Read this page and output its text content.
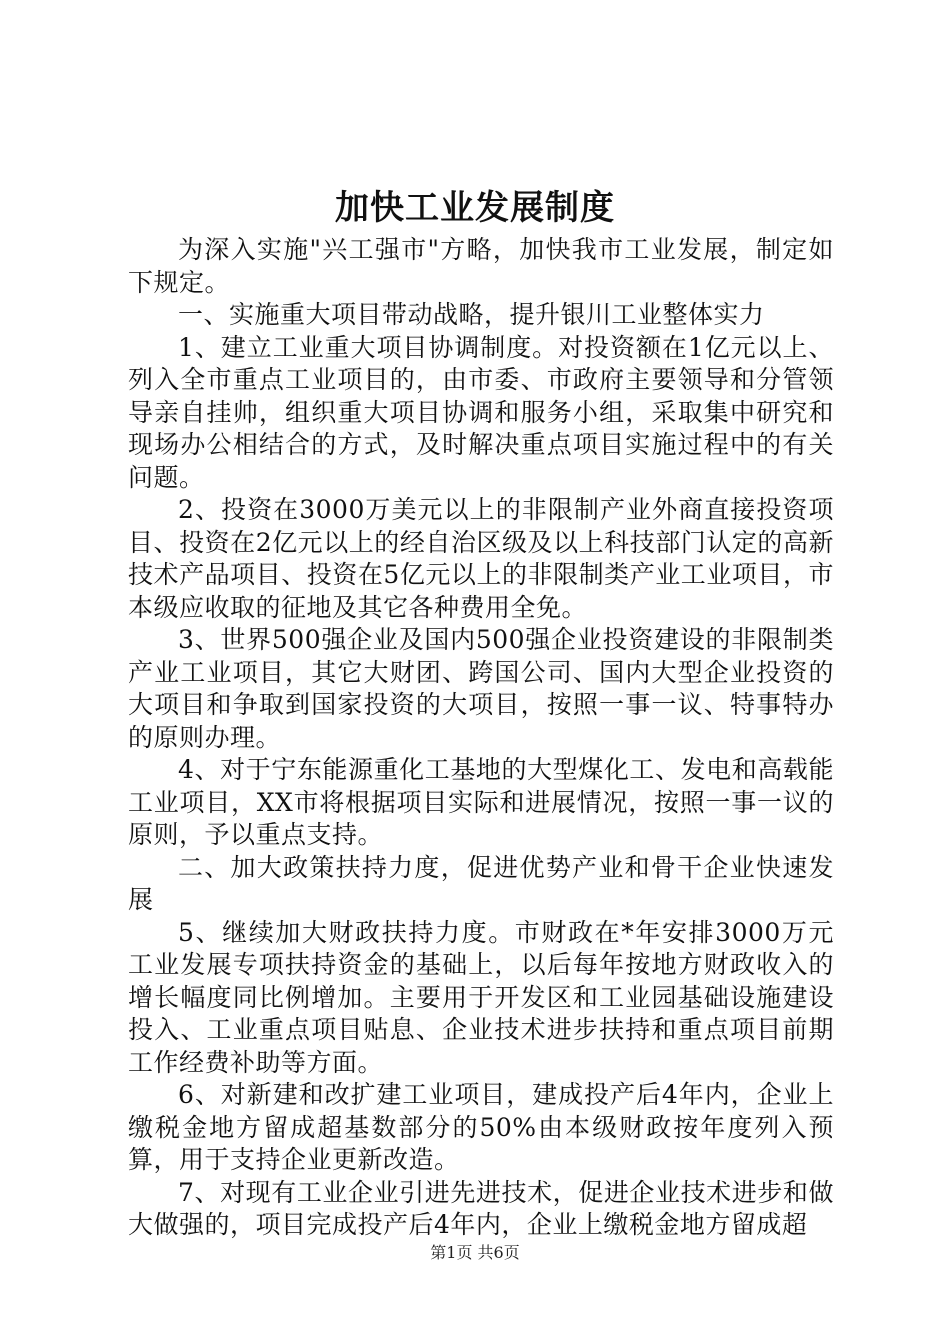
加快工业发展制度

为深入实施"兴工强市"方略，加快我市工业发展，制定如下规定。

一、实施重大项目带动战略，提升银川工业整体实力

1、建立工业重大项目协调制度。对投资额在1亿元以上、列入全市重点工业项目的，由市委、市政府主要领导和分管领导亲自挂帅，组织重大项目协调和服务小组，采取集中研究和现场办公相结合的方式，及时解决重点项目实施过程中的有关问题。

2、投资在3000万美元以上的非限制产业外商直接投资项目、投资在2亿元以上的经自治区级及以上科技部门认定的高新技术产品项目、投资在5亿元以上的非限制类产业工业项目，市本级应收取的征地及其它各种费用全免。

3、世界500强企业及国内500强企业投资建设的非限制类产业工业项目，其它大财团、跨国公司、国内大型企业投资的大项目和争取到国家投资的大项目，按照一事一议、特事特办的原则办理。

4、对于宁东能源重化工基地的大型煤化工、发电和高载能工业项目，XX市将根据项目实际和进展情况，按照一事一议的原则，予以重点支持。

二、加大政策扶持力度，促进优势产业和骨干企业快速发展

5、继续加大财政扶持力度。市财政在*年安排3000万元工业发展专项扶持资金的基础上，以后每年按地方财政收入的增长幅度同比例增加。主要用于开发区和工业园基础设施建设投入、工业重点项目贴息、企业技术进步扶持和重点项目前期工作经费补助等方面。

6、对新建和改扩建工业项目，建成投产后4年内，企业上缴税金地方留成超基数部分的50%由本级财政按年度列入预算，用于支持企业更新改造。

7、对现有工业企业引进先进技术，促进企业技术进步和做大做强的，项目完成投产后4年内，企业上缴税金地方留成超

第1页 共6页
